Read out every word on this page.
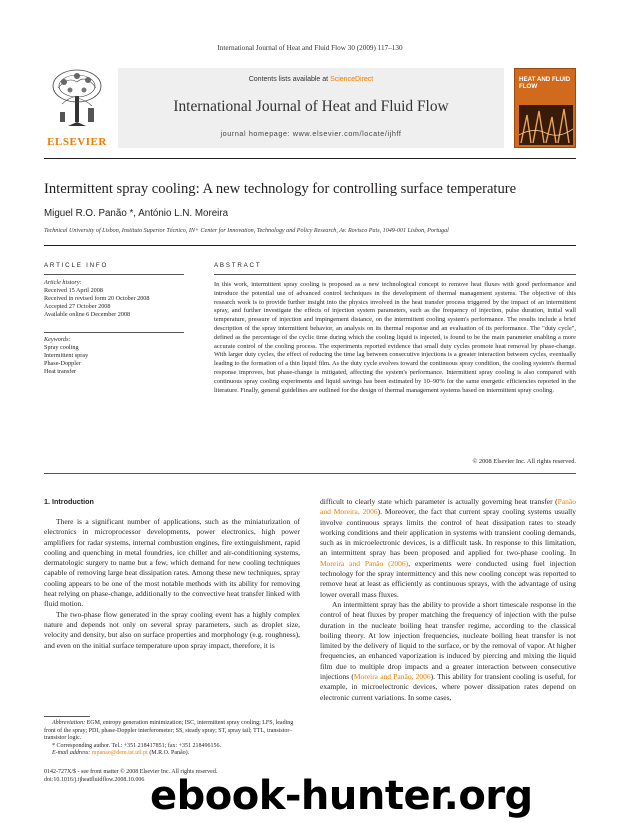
International Journal of Heat and Fluid Flow 30 (2009) 117–130
ELSEVIER
Contents lists available at ScienceDirect
International Journal of Heat and Fluid Flow
journal homepage: www.elsevier.com/locate/ijhff
HEAT AND FLUID FLOW
Intermittent spray cooling: A new technology for controlling surface temperature
Miguel R.O. Panão *, António L.N. Moreira
Technical University of Lisbon, Instituto Superior Técnico, IN+ Center for Innovation, Technology and Policy Research, Av. Rovisco Pais, 1049-001 Lisbon, Portugal
ARTICLE INFO
Article history:
Received 15 April 2008
Received in revised form 20 October 2008
Accepted 27 October 2008
Available online 6 December 2008
Keywords:
Spray cooling
Intermittent spray
Phase-Doppler
Heat transfer
ABSTRACT
In this work, intermittent spray cooling is proposed as a new technological concept to remove heat fluxes with good performance and introduce the potential use of advanced control techniques in the development of thermal management systems. The objective of this research work is to provide further insight into the physics involved in the heat transfer process triggered by the impact of an intermittent spray, and further investigate the effects of injection system parameters, such as the frequency of injection, pulse duration, initial wall temperature, pressure of injection and impingement distance, on the intermittent cooling system's performance. The results include a brief description of the spray intermittent behavior, an analysis on its thermal response and an evaluation of its performance. The "duty cycle", defined as the percentage of the cyclic time during which the cooling liquid is injected, is found to be the main parameter enabling a more accurate control of the cooling process. The experiments reported evidence that small duty cycles promote heat removal by phase-change. With larger duty cycles, the effect of reducing the time lag between consecutive injections is a greater interaction between cycles, eventually leading to the formation of a thin liquid film. As the duty cycle evolves toward the continuous spray condition, the cooling system's thermal response improves, but phase-change is mitigated, affecting the system's performance. Intermittent spray cooling is also compared with continuous spray cooling experiments and liquid savings has been estimated by 10–90% for the same energetic efficiencies reported in the literature. Finally, general guidelines are outlined for the design of thermal management systems based on intermittent spray cooling.
© 2008 Elsevier Inc. All rights reserved.
1. Introduction

There is a significant number of applications, such as the miniaturization of electronics in microprocessor developments, power electronics, high power amplifiers for radar systems, internal combustion engines, fire extinguishment, rapid cooling and quenching in metal foundries, ice chiller and air-conditioning systems, dermatologic surgery to name but a few, which demand for new cooling techniques capable of removing large heat dissipation rates. Among these new techniques, spray cooling appears to be one of the most notable methods with its ability for removing heat relying on phase-change, additionally to the convective heat transfer linked with fluid motion.

The two-phase flow generated in the spray cooling event has a highly complex nature and depends not only on several spray parameters, such as droplet size, velocity and density, but also on surface properties and morphology (e.g. roughness), and even on the initial surface temperature upon spray impact, therefore, it is

difficult to clearly state which parameter is actually governing heat transfer (Panão and Moreira, 2006). Moreover, the fact that current spray cooling systems usually involve continuous sprays limits the control of heat dissipation rates to steady working conditions and their application in systems with transient cooling demands, such as in microelectronic devices, is a difficult task. In response to this limitation, an intermittent spray has been proposed and applied for two-phase cooling. In Moreira and Panão (2006), experiments were conducted using fuel injection technology for the spray intermittency and this new cooling concept was reported to remove heat at least as efficiently as continuous sprays, with the advantage of using lower overall mass fluxes.

An intermittent spray has the ability to provide a short timescale response in the control of heat fluxes by proper matching the frequency of injection with the pulse duration in the nucleate boiling heat transfer regime, according to the classical boiling theory. At low injection frequencies, nucleate boiling heat transfer is not limited by the delivery of liquid to the surface, or by the removal of vapor. At higher frequencies, an enhanced vaporization is induced by piercing and mixing the liquid film due to multiple drop impacts and a greater interaction between consecutive injections (Moreira and Panão, 2006). This ability for transient cooling is useful, for example, in microelectronic devices, where power dissipation rates depend on electronic current variations. In some cases,

Abbreviation: EGM, entropy generation minimization; ISC, intermittent spray cooling; LFS, leading front of the spray; PDI, phase-Doppler interferometer; SS, steady spray; ST, spray tail; TTL, transistor–transistor logic.
* Corresponding author. Tel.: +351 218417851; fax: +351 218496156.
E-mail address: mpanao@dem.ist.utl.pt (M.R.O. Panão).
0142-727X/$ - see front matter © 2008 Elsevier Inc. All rights reserved.
doi:10.1016/j.ijheatfluidflow.2008.10.006 ebook-hunter.org
